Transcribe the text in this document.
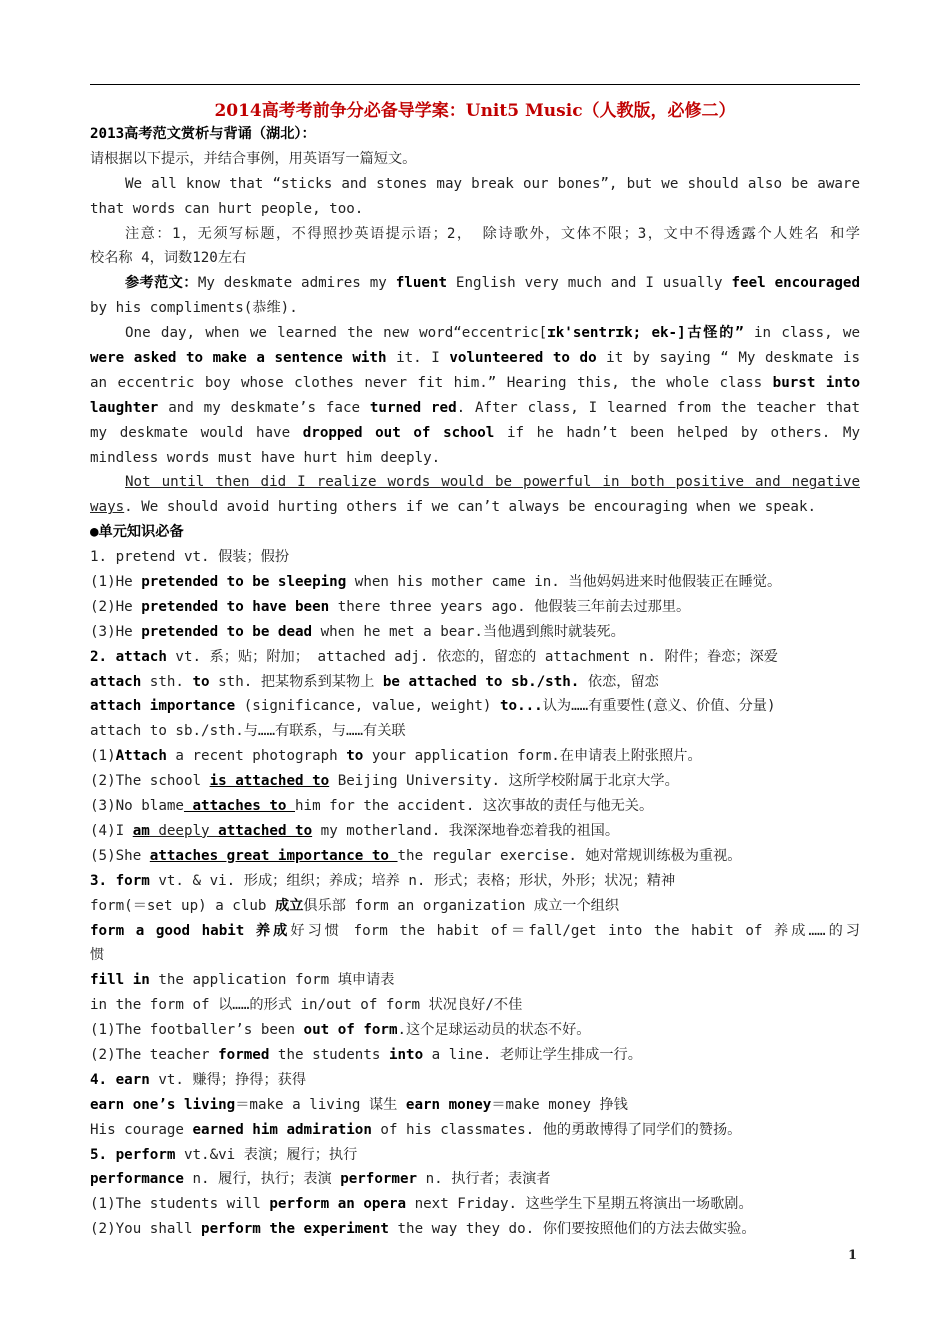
2014高考考前争分必备导学案：Unit5 Music（人教版，必修二）
2013高考范文赏析与背诵（湖北）：
请根据以下提示，并结合事例，用英语写一篇短文。
We all know that “sticks and stones may break our bones”, but we should also be aware
that words can hurt people, too.
注意：1，无须写标题，不得照抄英语提示语；2， 除诗歌外，文体不限；3，文中不得透露个人姓名 和学
校名称 4，词数120左右
参考范文：My deskmate admires my fluent English very much and I usually feel encouraged
by his compliments(恭维).
One day, when we learned the new word“eccentric[ɪk'sentrɪk; ek-]古怪的” in class, we
were asked to make a sentence with it. I volunteered to do it by saying “ My deskmate is
an eccentric boy whose clothes never fit him.” Hearing this, the whole class burst into
laughter and my deskmate’s face turned red. After class, I learned from the teacher that
my deskmate would have dropped out of school if he hadn’t been helped by others. My
mindless words must have hurt him deeply.
Not until then did I realize words would be powerful in both positive and negative
ways. We should avoid hurting others if we can’t always be encouraging when we speak.
●单元知识必备
1. pretend vt. 假装；假扮
(1)He pretended to be sleeping when his mother came in. 当他妈妈进来时他假装正在睡觉。
(2)He pretended to have been there three years ago. 他假装三年前去过那里。
(3)He pretended to be dead when he met a bear.当他遇到熊时就装死。
2. attach vt. 系；贴；附加； attached adj. 依恋的，留恋的 attachment n. 附件；眷恋；深爱
attach sth. to sth. 把某物系到某物上 be attached to sb./sth. 依恋，留恋
attach importance (significance, value, weight) to...认为……有重要性(意义、价值、分量)
attach to sb./sth.与……有联系，与……有关联
(1)Attach a recent photograph to your application form.在申请表上附张照片。
(2)The school is attached to Beijing University. 这所学校附属于北京大学。
(3)No blame attaches to him for the accident. 这次事故的责任与他无关。
(4)I am deeply attached to my motherland. 我深深地眷恋着我的祖国。
(5)She attaches great importance to the regular exercise. 她对常规训练极为重视。
3. form vt. & vi. 形成；组织；养成；培养 n. 形式；表格；形状，外形；状况；精神
form(＝set up) a club 成立俱乐部 form an organization 成立一个组织
form a good habit 养成好习惯 form the habit of＝fall/get into the habit of 养成……的习
惯
fill in the application form 填申请表
in the form of 以……的形式 in/out of form 状况良好/不佳
(1)The footballer’s been out of form.这个足球运动员的状态不好。
(2)The teacher formed the students into a line. 老师让学生排成一行。
4. earn vt. 赚得；挣得；获得
earn one’s living＝make a living 谋生 earn money＝make money 挣钱
His courage earned him admiration of his classmates. 他的勇敢博得了同学们的赞扬。
5. perform vt.&vi 表演；履行；执行
performance n. 履行，执行；表演 performer n. 执行者；表演者
(1)The students will perform an opera next Friday. 这些学生下星期五将演出一场歌剧。
(2)You shall perform the experiment the way they do. 你们要按照他们的方法去做实验。
1
